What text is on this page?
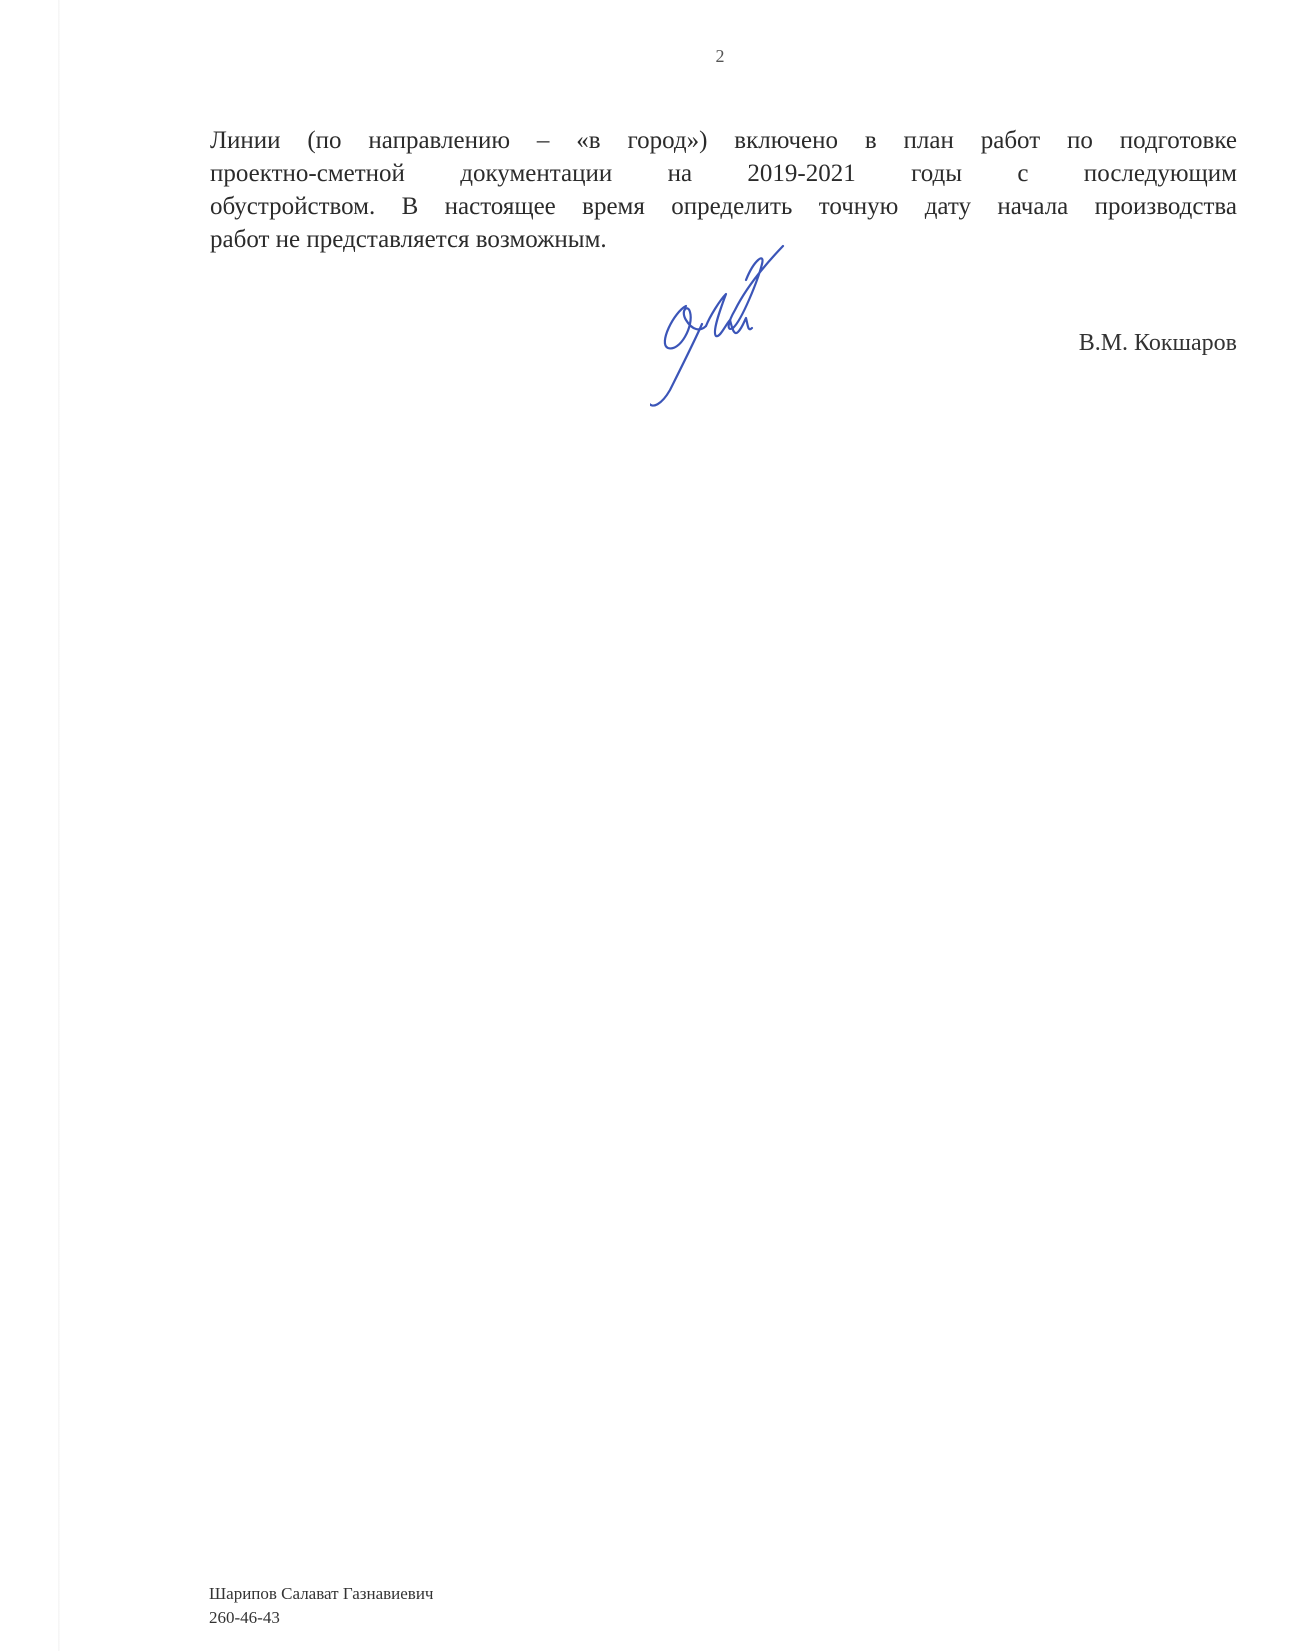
2
Линии (по направлению – «в город») включено в план работ по подготовке
проектно-сметной документации на 2019-2021 годы с последующим
обустройством. В настоящее время определить точную дату начала производства
работ не представляется возможным.
В.М. Кокшаров
Шарипов Салават Газнавиевич
260-46-43
